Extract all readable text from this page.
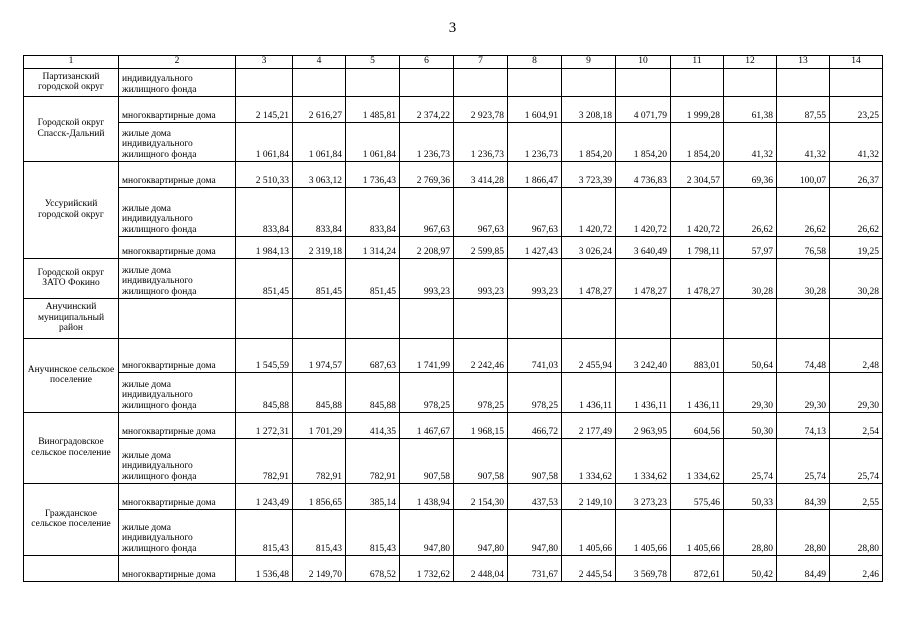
3
1	2	3	4	5	6	7	8	9	10	11	12	13	14
Партизанский городской округ	индивидуального жилищного фонда												
Городской округ Спасск-Дальний	многоквартирные дома	2 145,21	2 616,27	1 485,81	2 374,22	2 923,78	1 604,91	3 208,18	4 071,79	1 999,28	61,38	87,55	23,25
	жилые дома индивидуального жилищного фонда	1 061,84	1 061,84	1 061,84	1 236,73	1 236,73	1 236,73	1 854,20	1 854,20	1 854,20	41,32	41,32	41,32
Уссурийский городской округ	многоквартирные дома	2 510,33	3 063,12	1 736,43	2 769,36	3 414,28	1 866,47	3 723,39	4 736,83	2 304,57	69,36	100,07	26,37
	жилые дома индивидуального жилищного фонда	833,84	833,84	833,84	967,63	967,63	967,63	1 420,72	1 420,72	1 420,72	26,62	26,62	26,62
	многоквартирные дома	1 984,13	2 319,18	1 314,24	2 208,97	2 599,85	1 427,43	3 026,24	3 640,49	1 798,11	57,97	76,58	19,25
Городской округ ЗАТО Фокино	жилые дома индивидуального жилищного фонда	851,45	851,45	851,45	993,23	993,23	993,23	1 478,27	1 478,27	1 478,27	30,28	30,28	30,28
Анучинский муниципальный район													
Анучинское сельское поселение	многоквартирные дома	1 545,59	1 974,57	687,63	1 741,99	2 242,46	741,03	2 455,94	3 242,40	883,01	50,64	74,48	2,48
	жилые дома индивидуального жилищного фонда	845,88	845,88	845,88	978,25	978,25	978,25	1 436,11	1 436,11	1 436,11	29,30	29,30	29,30
Виноградовское сельское поселение	многоквартирные дома	1 272,31	1 701,29	414,35	1 467,67	1 968,15	466,72	2 177,49	2 963,95	604,56	50,30	74,13	2,54
	жилые дома индивидуального жилищного фонда	782,91	782,91	782,91	907,58	907,58	907,58	1 334,62	1 334,62	1 334,62	25,74	25,74	25,74
Гражданское сельское поселение	многоквартирные дома	1 243,49	1 856,65	385,14	1 438,94	2 154,30	437,53	2 149,10	3 273,23	575,46	50,33	84,39	2,55
	жилые дома индивидуального жилищного фонда	815,43	815,43	815,43	947,80	947,80	947,80	1 405,66	1 405,66	1 405,66	28,80	28,80	28,80
	многоквартирные дома	1 536,48	2 149,70	678,52	1 732,62	2 448,04	731,67	2 445,54	3 569,78	872,61	50,42	84,49	2,46
